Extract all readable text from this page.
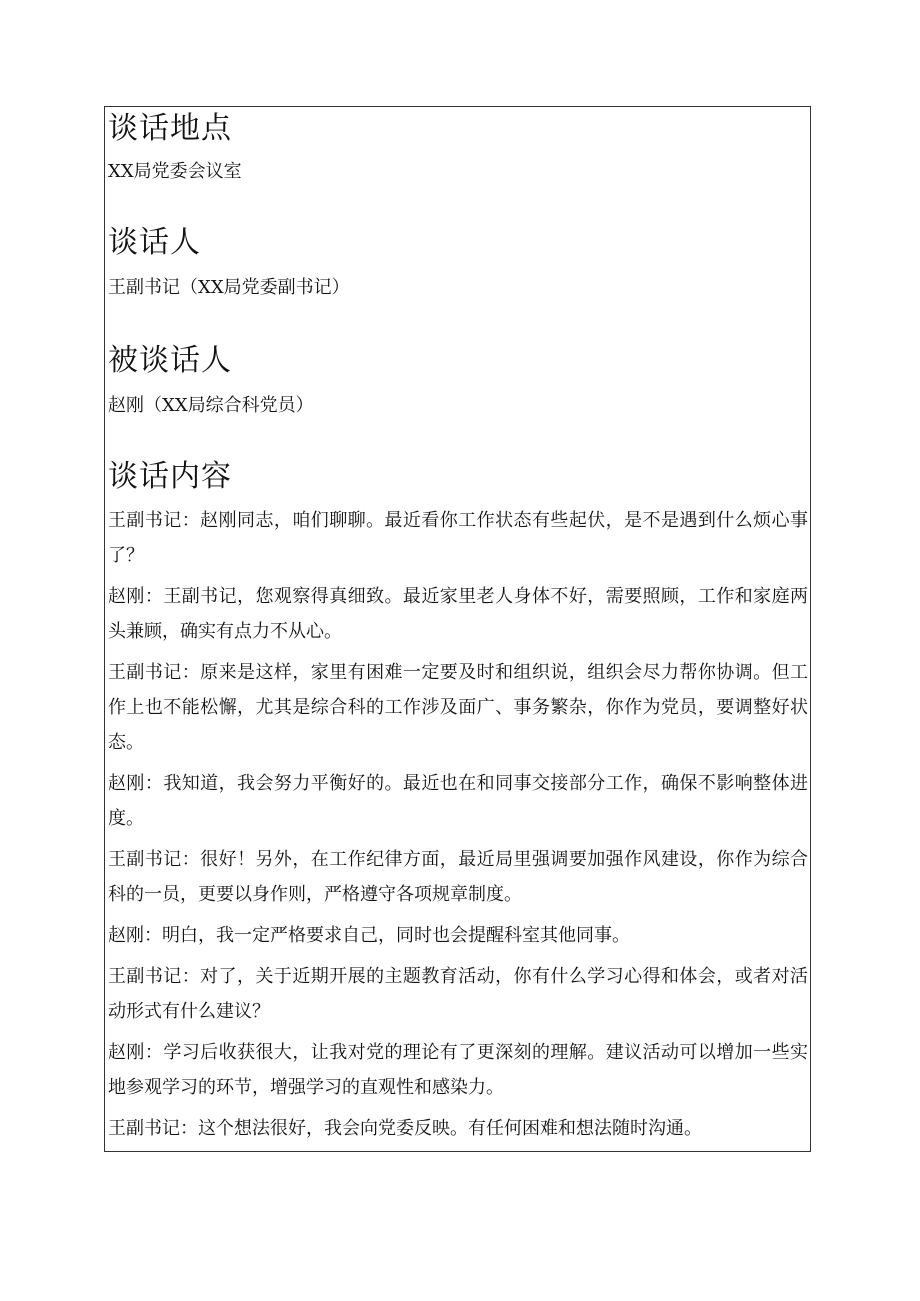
谈话地点

XX局党委会议室

谈话人

王副书记（XX局党委副书记）

被谈话人

赵刚（XX局综合科党员）

谈话内容

王副书记：赵刚同志，咱们聊聊。最近看你工作状态有些起伏，是不是遇到什么烦心事了？

赵刚：王副书记，您观察得真细致。最近家里老人身体不好，需要照顾，工作和家庭两头兼顾，确实有点力不从心。

王副书记：原来是这样，家里有困难一定要及时和组织说，组织会尽力帮你协调。但工作上也不能松懈，尤其是综合科的工作涉及面广、事务繁杂，你作为党员，要调整好状态。

赵刚：我知道，我会努力平衡好的。最近也在和同事交接部分工作，确保不影响整体进度。

王副书记：很好！另外，在工作纪律方面，最近局里强调要加强作风建设，你作为综合科的一员，更要以身作则，严格遵守各项规章制度。

赵刚：明白，我一定严格要求自己，同时也会提醒科室其他同事。

王副书记：对了，关于近期开展的主题教育活动，你有什么学习心得和体会，或者对活动形式有什么建议？

赵刚：学习后收获很大，让我对党的理论有了更深刻的理解。建议活动可以增加一些实地参观学习的环节，增强学习的直观性和感染力。

王副书记：这个想法很好，我会向党委反映。有任何困难和想法随时沟通。
